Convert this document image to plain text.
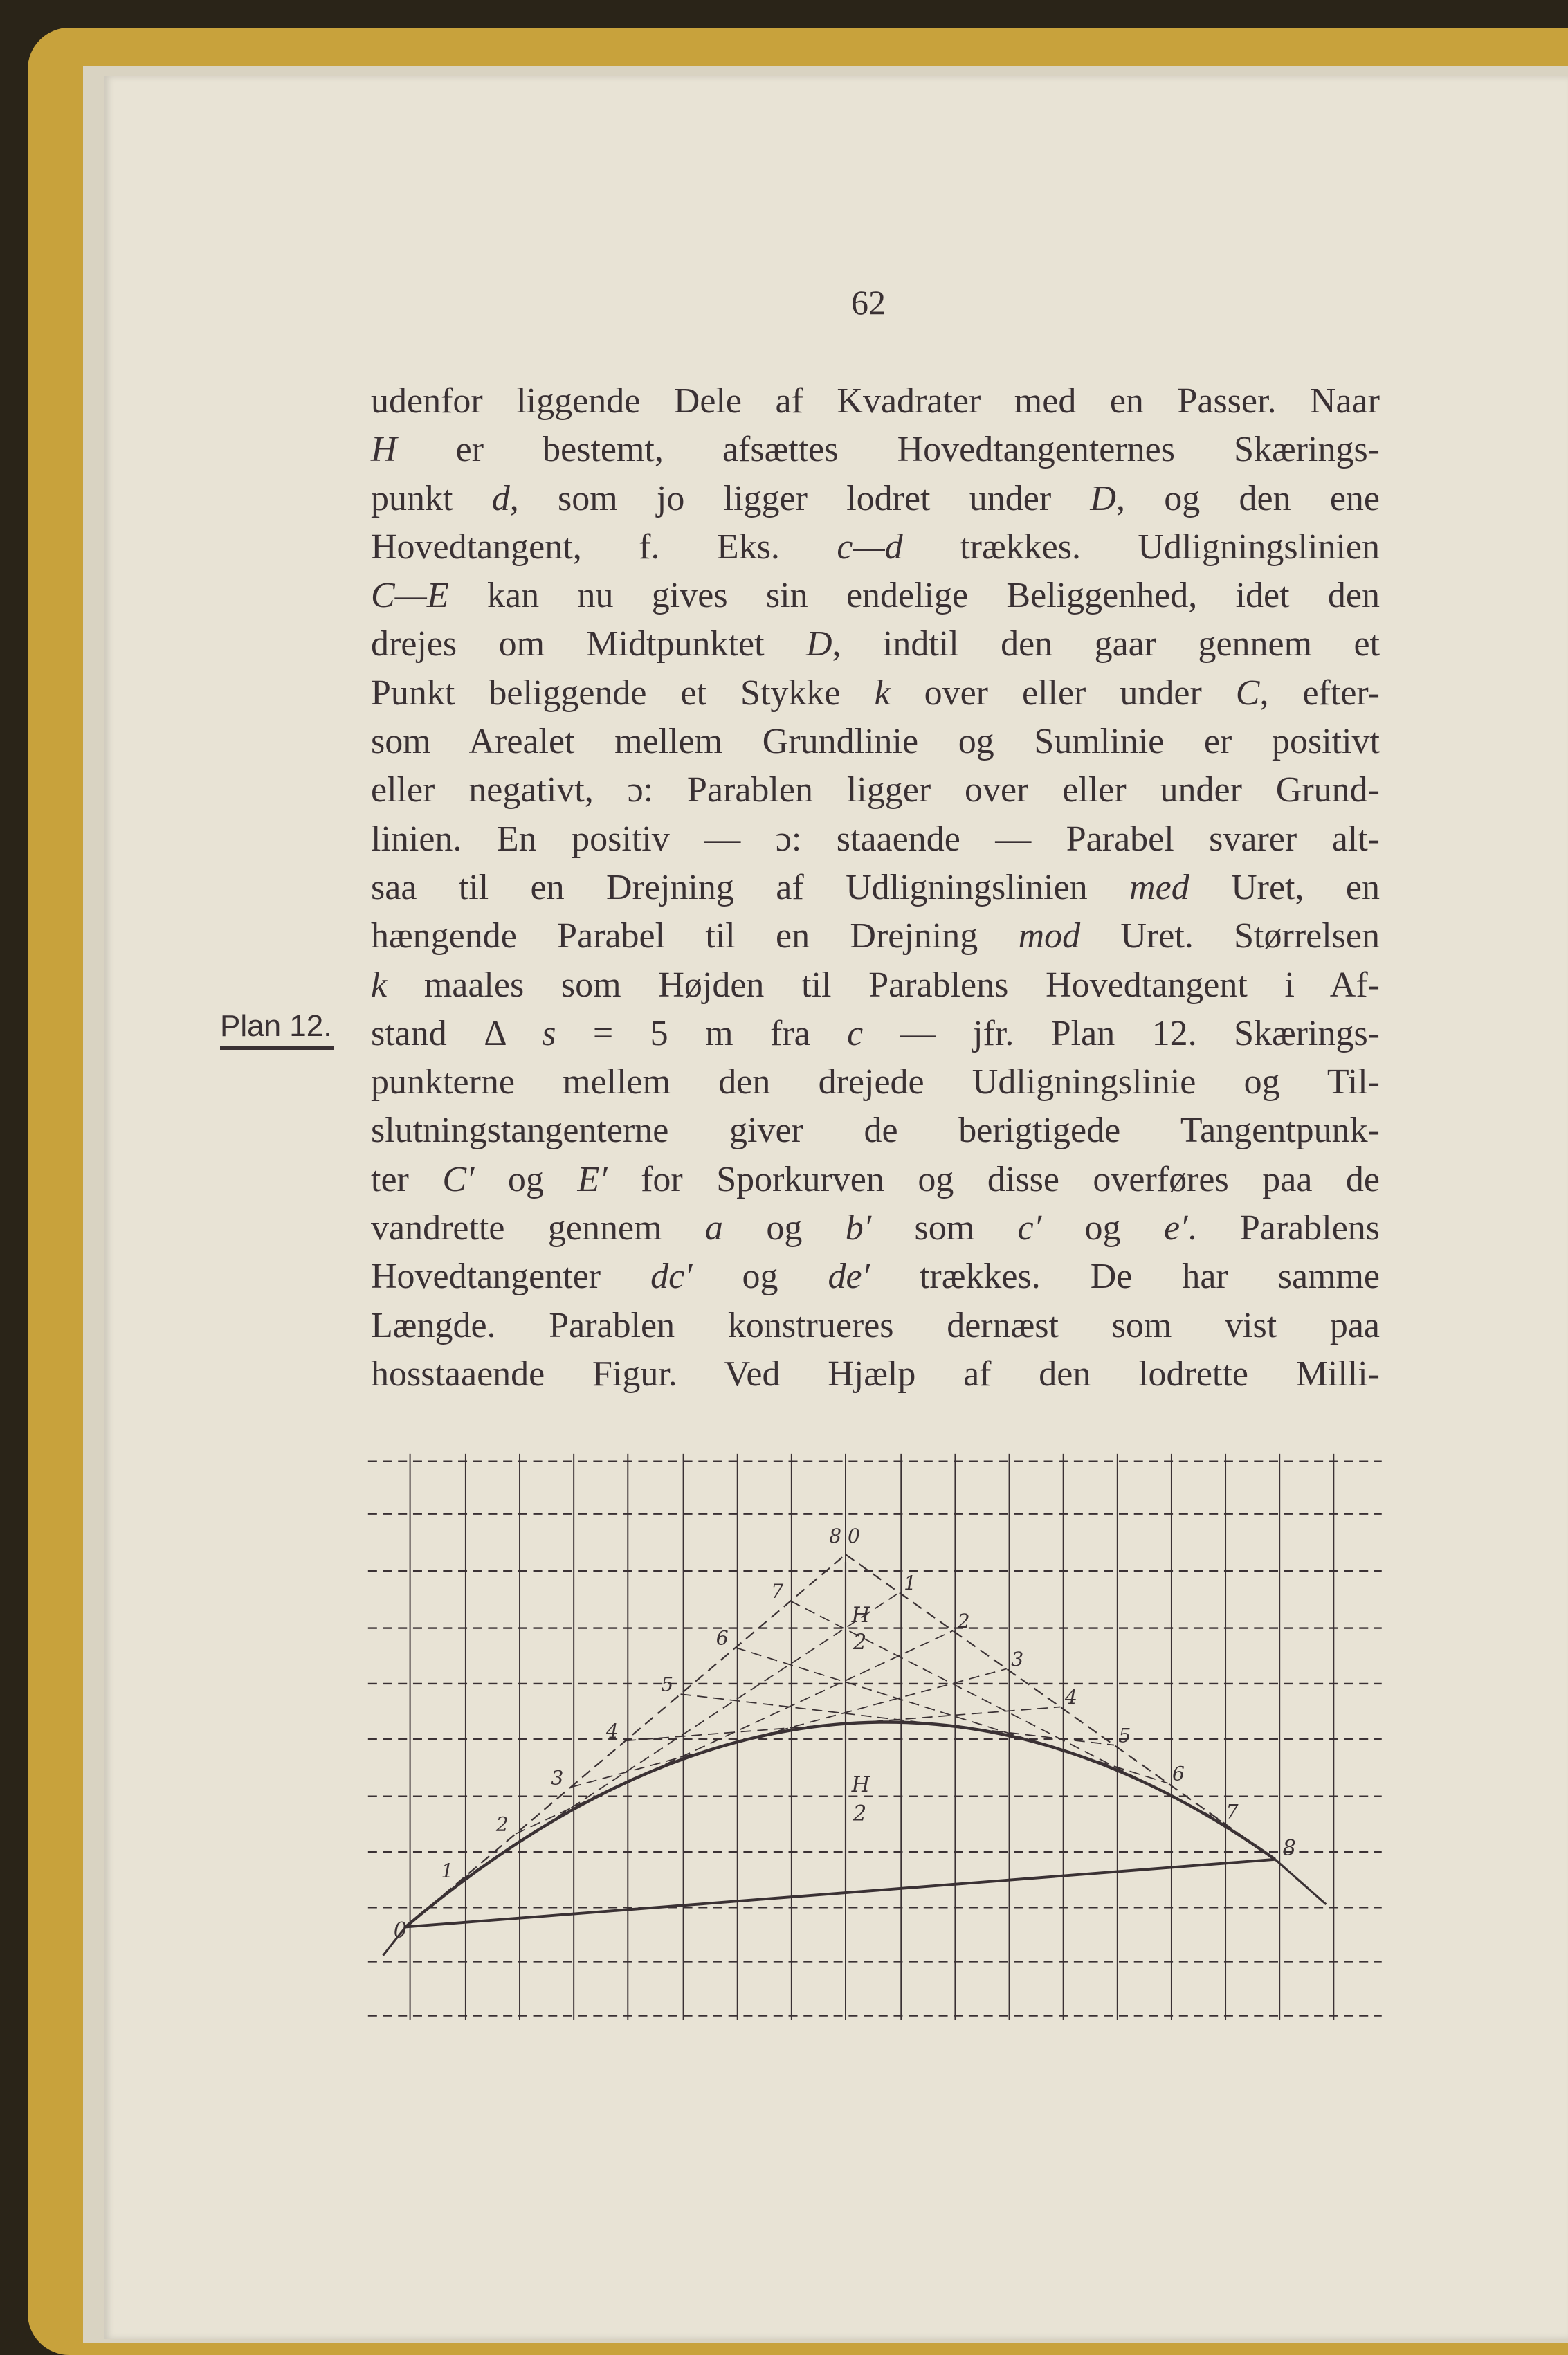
62
Plan 12.
udenfor liggende Dele af Kvadrater med en Passer. Naar
H er bestemt, afsættes Hovedtangenternes Skærings-
punkt d, som jo ligger lodret under D, og den ene
Hovedtangent, f. Eks. c—d trækkes. Udligningslinien
C—E kan nu gives sin endelige Beliggenhed, idet den
drejes om Midtpunktet D, indtil den gaar gennem et
Punkt beliggende et Stykke k over eller under C, efter-
som Arealet mellem Grundlinie og Sumlinie er positivt
eller negativt, ɔ: Parablen ligger over eller under Grund-
linien. En positiv — ɔ: staaende — Parabel svarer alt-
saa til en Drejning af Udligningslinien med Uret, en
hængende Parabel til en Drejning mod Uret. Størrelsen
k maales som Højden til Parablens Hovedtangent i Af-
stand Δ s = 5 m fra c — jfr. Plan 12. Skærings-
punkterne mellem den drejede Udligningslinie og Til-
slutningstangenterne giver de berigtigede Tangentpunk-
ter C′ og E′ for Sporkurven og disse overføres paa de
vandrette gennem a og b′ som c′ og e′. Parablens
Hovedtangenter dc′ og de′ trækkes. De har samme
Længde. Parablen konstrueres dernæst som vist paa
hosstaaende Figur. Ved Hjælp af den lodrette Milli-
1
2
3
4
5
6
7	1
2
3
4
5
6
7
0
8
8 0
H
2
H
2
